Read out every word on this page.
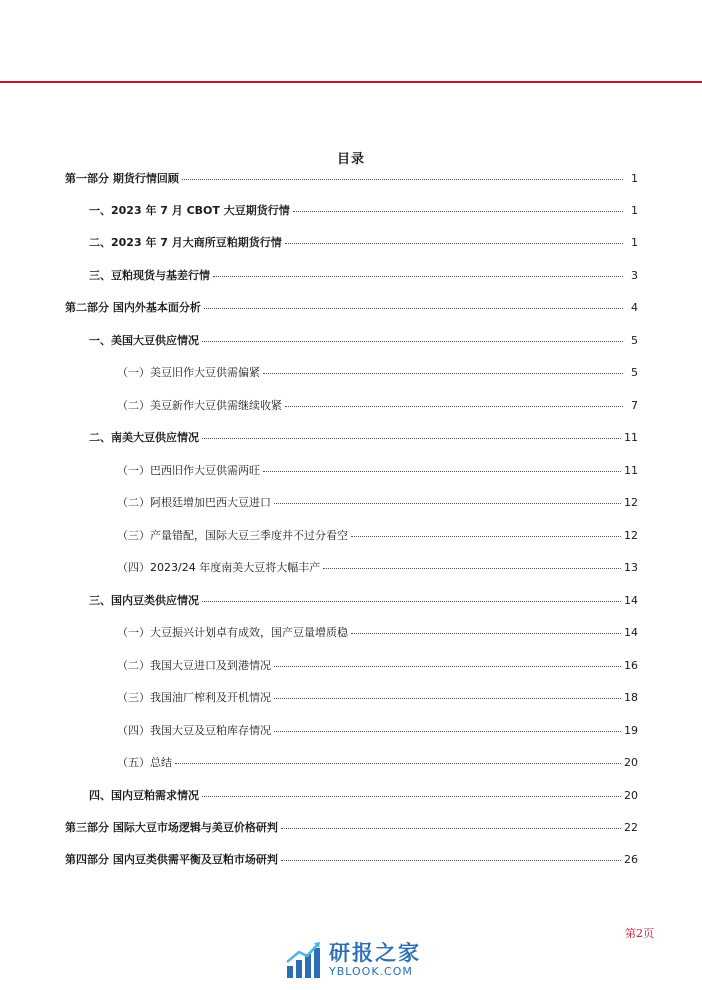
目录
第一部分 期货行情回顾	1
一、2023 年 7 月 CBOT 大豆期货行情	1
二、2023 年 7 月大商所豆粕期货行情	1
三、豆粕现货与基差行情	3
第二部分 国内外基本面分析	4
一、美国大豆供应情况	5
（一）美豆旧作大豆供需偏紧	5
（二）美豆新作大豆供需继续收紧	7
二、南美大豆供应情况	11
（一）巴西旧作大豆供需两旺	11
（二）阿根廷增加巴西大豆进口	12
（三）产量错配，国际大豆三季度并不过分看空	12
（四）2023/24 年度南美大豆将大幅丰产	13
三、国内豆类供应情况	14
（一）大豆振兴计划卓有成效，国产豆量增质稳	14
（二）我国大豆进口及到港情况	16
（三）我国油厂榨利及开机情况	18
（四）我国大豆及豆粕库存情况	19
（五）总结	20
四、国内豆粕需求情况	20
第三部分 国际大豆市场逻辑与美豆价格研判	22
第四部分 国内豆类供需平衡及豆粕市场研判	26
第2页
研报之家
YBLOOK.COM
